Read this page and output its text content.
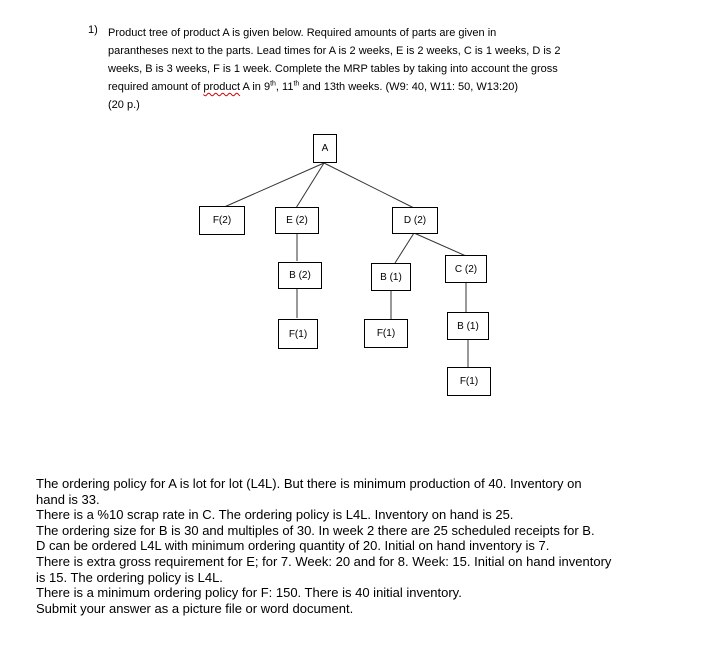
1) Product tree of product A is given below. Required amounts of parts are given in
parantheses next to the parts. Lead times for A is 2 weeks, E is 2 weeks, C is 1 weeks, D is 2
weeks, B is 3 weeks, F is 1 week. Complete the MRP tables by taking into account the gross
required amount of product A in 9th, 11th and 13th weeks. (W9: 40, W11: 50, W13:20)
(20 p.)
A
F(2)	E (2)	D (2)
B (2)	B (1)
C (2)
F(1)	F(1)
B (1)
F(1)
The ordering policy for A is lot for lot (L4L). But there is minimum production of 40. Inventory on
hand is 33.
There is a %10 scrap rate in C. The ordering policy is L4L. Inventory on hand is 25.
The ordering size for B is 30 and multiples of 30. In week 2 there are 25 scheduled receipts for B.
D can be ordered L4L with minimum ordering quantity of 20. Initial on hand inventory is 7.
There is extra gross requirement for E; for 7. Week: 20 and for 8. Week: 15. Initial on hand inventory
is 15. The ordering policy is L4L.
There is a minimum ordering policy for F: 150. There is 40 initial inventory.
Submit your answer as a picture file or word document.
